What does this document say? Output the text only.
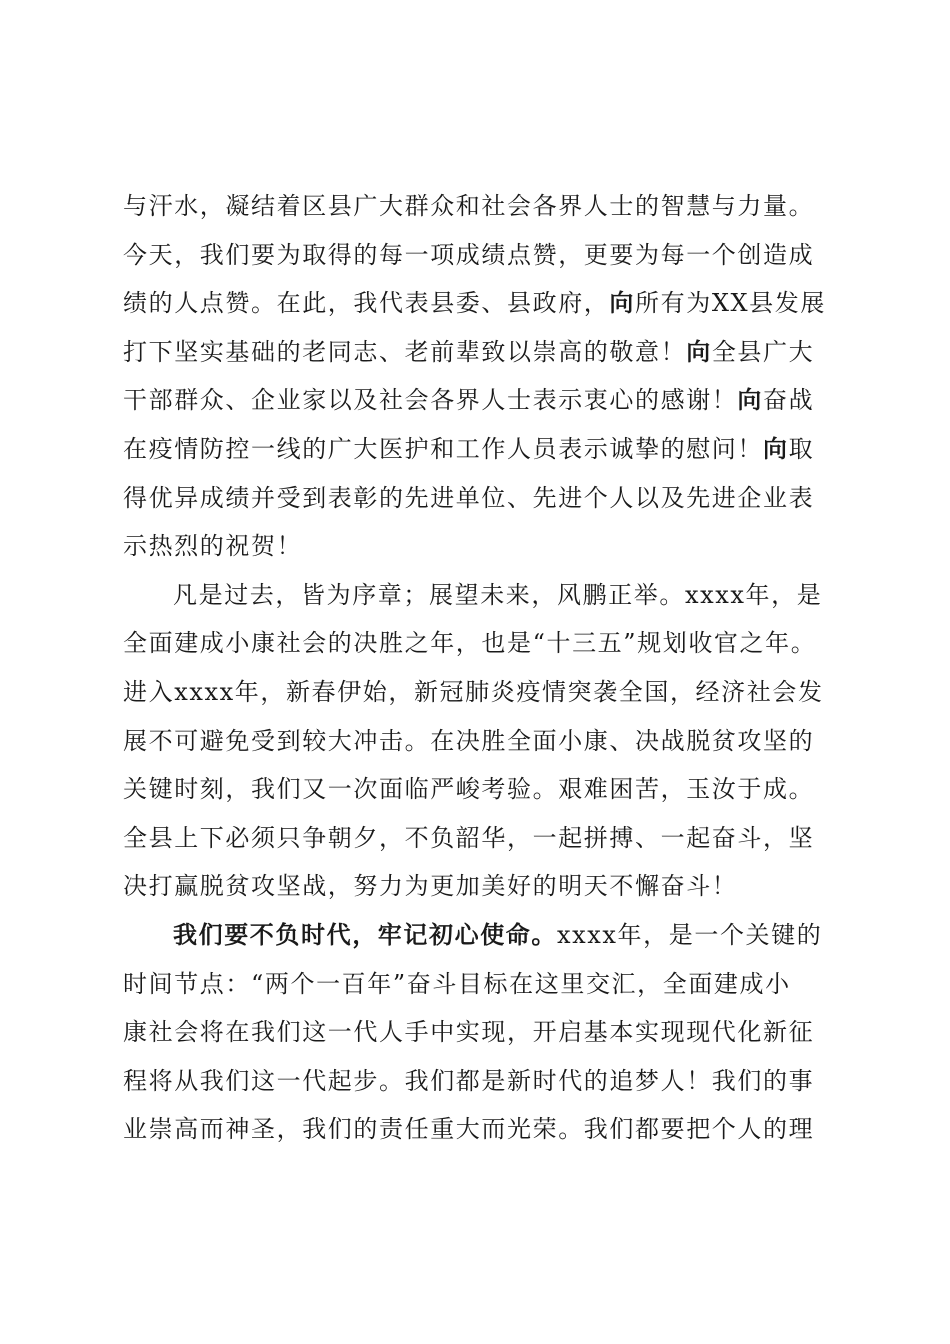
与汗水，凝结着区县广大群众和社会各界人士的智慧与力量。
今天，我们要为取得的每一项成绩点赞，更要为每一个创造成
绩的人点赞。在此，我代表县委、县政府，向所有为XX县发展
打下坚实基础的老同志、老前辈致以崇高的敬意！向全县广大
干部群众、企业家以及社会各界人士表示衷心的感谢！向奋战
在疫情防控一线的广大医护和工作人员表示诚挚的慰问！向取
得优异成绩并受到表彰的先进单位、先进个人以及先进企业表
示热烈的祝贺！
凡是过去，皆为序章；展望未来，风鹏正举。xxxx年，是
全面建成小康社会的决胜之年，也是“十三五”规划收官之年。
进入xxxx年，新春伊始，新冠肺炎疫情突袭全国，经济社会发
展不可避免受到较大冲击。在决胜全面小康、决战脱贫攻坚的
关键时刻，我们又一次面临严峻考验。艰难困苦，玉汝于成。
全县上下必须只争朝夕，不负韶华，一起拼搏、一起奋斗，坚
决打赢脱贫攻坚战，努力为更加美好的明天不懈奋斗！
我们要不负时代，牢记初心使命。xxxx年，是一个关键的
时间节点：“两个一百年”奋斗目标在这里交汇，全面建成小
康社会将在我们这一代人手中实现，开启基本实现现代化新征
程将从我们这一代起步。我们都是新时代的追梦人！我们的事
业崇高而神圣，我们的责任重大而光荣。我们都要把个人的理
